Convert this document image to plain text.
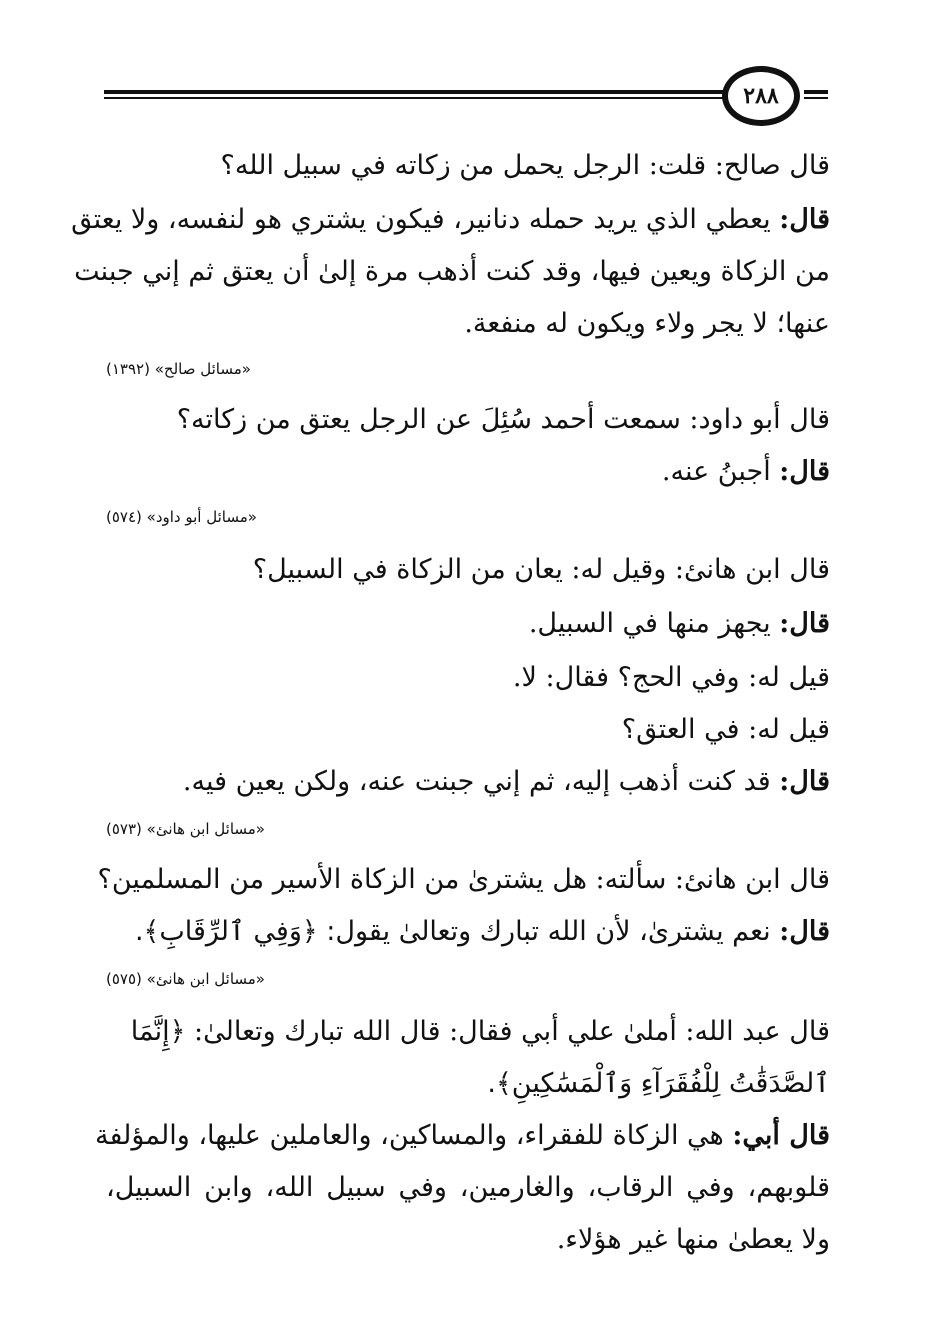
٢٨٨
قال صالح: قلت: الرجل يحمل من زكاته في سبيل الله؟
قال: يعطي الذي يريد حمله دنانير، فيكون يشتري هو لنفسه، ولا يعتق
من الزكاة ويعين فيها، وقد كنت أذهب مرة إلىٰ أن يعتق ثم إني جبنت
عنها؛ لا يجر ولاء ويكون له منفعة.
«مسائل صالح» (١٣٩٢)
قال أبو داود: سمعت أحمد سُئِلَ عن الرجل يعتق من زكاته؟
قال: أجبنُ عنه.
«مسائل أبو داود» (٥٧٤)
قال ابن هانئ: وقيل له: يعان من الزكاة في السبيل؟
قال: يجهز منها في السبيل.
قيل له: وفي الحج؟ فقال: لا.
قيل له: في العتق؟
قال: قد كنت أذهب إليه، ثم إني جبنت عنه، ولكن يعين فيه.
«مسائل ابن هانئ» (٥٧٣)
قال ابن هانئ: سألته: هل يشترىٰ من الزكاة الأسير من المسلمين؟
قال: نعم يشترىٰ، لأن الله تبارك وتعالىٰ يقول: ﴿وَفِي ٱلرِّقَابِ﴾.
«مسائل ابن هانئ» (٥٧٥)
قال عبد الله: أملىٰ علي أبي فقال: قال الله تبارك وتعالىٰ: ﴿إِنَّمَا
ٱلصَّدَقَٰتُ لِلْفُقَرَآءِ وَٱلْمَسَٰكِينِ﴾.
قال أبي: هي الزكاة للفقراء، والمساكين، والعاملين عليها، والمؤلفة
قلوبهم، وفي الرقاب، والغارمين، وفي سبيل الله، وابن السبيل،
ولا يعطىٰ منها غير هؤلاء.
